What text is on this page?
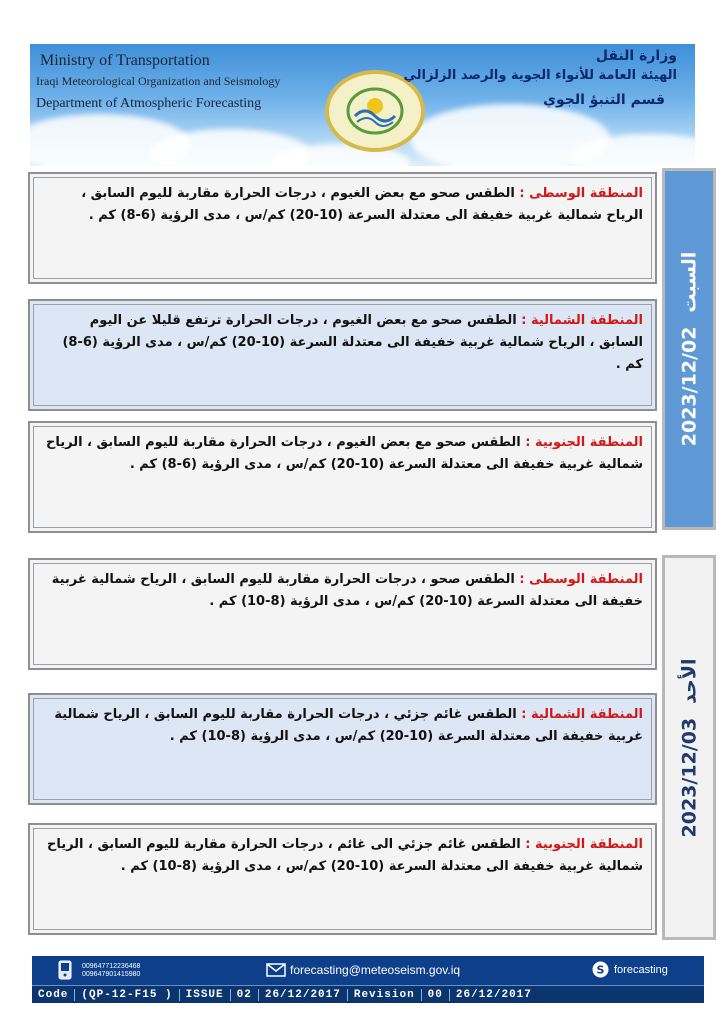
Ministry of Transportation
Iraqi Meteorological Organization and Seismology
Department of Atmospheric Forecasting
وزارة النقل
الهيئة العامة للأنواء الجوية والرصد الزلزالي
قسم التنبؤ الجوي
المنطقة الوسطى : الطقس صحو مع بعض الغيوم ، درجات الحرارة مقاربة لليوم السابق ، الرياح شمالية غربية خفيفة الى معتدلة السرعة (10-20) كم/س ، مدى الرؤية (6-8) كم .
المنطقة الشمالية : الطقس صحو مع بعض الغيوم ، درجات الحرارة ترتفع قليلا عن اليوم السابق ، الرياح شمالية غربية خفيفة الى معتدلة السرعة (10-20) كم/س ، مدى الرؤية (6-8) كم .
المنطقة الجنوبية : الطقس صحو مع بعض الغيوم ، درجات الحرارة مقاربة لليوم السابق ، الرياح شمالية غربية خفيفة الى معتدلة السرعة (10-20) كم/س ، مدى الرؤية (6-8) كم .
2023/12/02
السبت
المنطقة الوسطى : الطقس صحو ، درجات الحرارة مقاربة لليوم السابق ، الرياح شمالية غربية خفيفة الى معتدلة السرعة (10-20) كم/س ، مدى الرؤية (8-10) كم .
المنطقة الشمالية : الطقس غائم جزئي ، درجات الحرارة مقاربة لليوم السابق ، الرياح شمالية غربية خفيفة الى معتدلة السرعة (10-20) كم/س ، مدى الرؤية (8-10) كم .
المنطقة الجنوبية : الطقس غائم جزئي الى غائم ، درجات الحرارة مقاربة لليوم السابق ، الرياح شمالية غربية خفيفة الى معتدلة السرعة (10-20) كم/س ، مدى الرؤية (8-10) كم .
2023/12/03
الأحد
009647712236468
009647901415980	forecasting@meteoseism.gov.iq	S forecasting
Code	(QP-12-F15 )	ISSUE	02	26/12/2017	Revision	00	26/12/2017
